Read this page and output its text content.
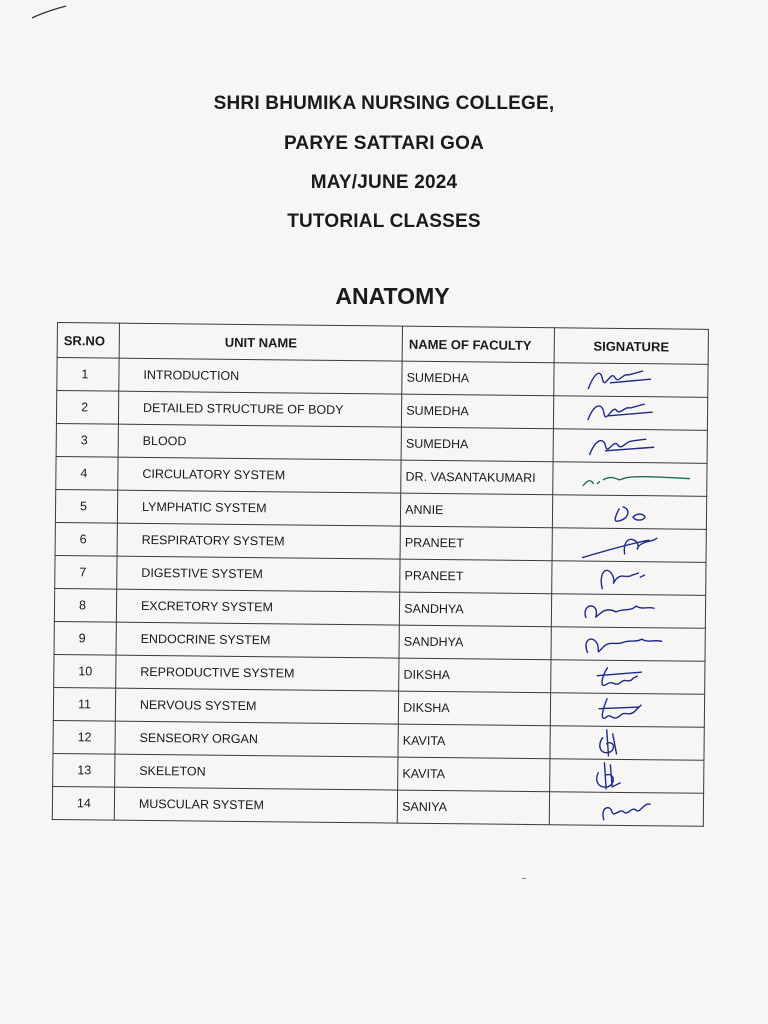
SHRI BHUMIKA NURSING COLLEGE,
PARYE SATTARI GOA
MAY/JUNE 2024
TUTORIAL CLASSES
ANATOMY
SR.NO	UNIT NAME	NAME OF FACULTY	SIGNATURE
1	INTRODUCTION	SUMEDHA	

2	DETAILED STRUCTURE OF BODY	SUMEDHA	

3	BLOOD	SUMEDHA	

4	CIRCULATORY SYSTEM	DR. VASANTAKUMARI	

5	LYMPHATIC SYSTEM	ANNIE	

6	RESPIRATORY SYSTEM	PRANEET	

7	DIGESTIVE SYSTEM	PRANEET	

8	EXCRETORY SYSTEM	SANDHYA	

9	ENDOCRINE SYSTEM	SANDHYA	

10	REPRODUCTIVE SYSTEM	DIKSHA	

11	NERVOUS SYSTEM	DIKSHA	

12	SENSEORY ORGAN	KAVITA	

13	SKELETON	KAVITA	

14	MUSCULAR SYSTEM	SANIYA	
